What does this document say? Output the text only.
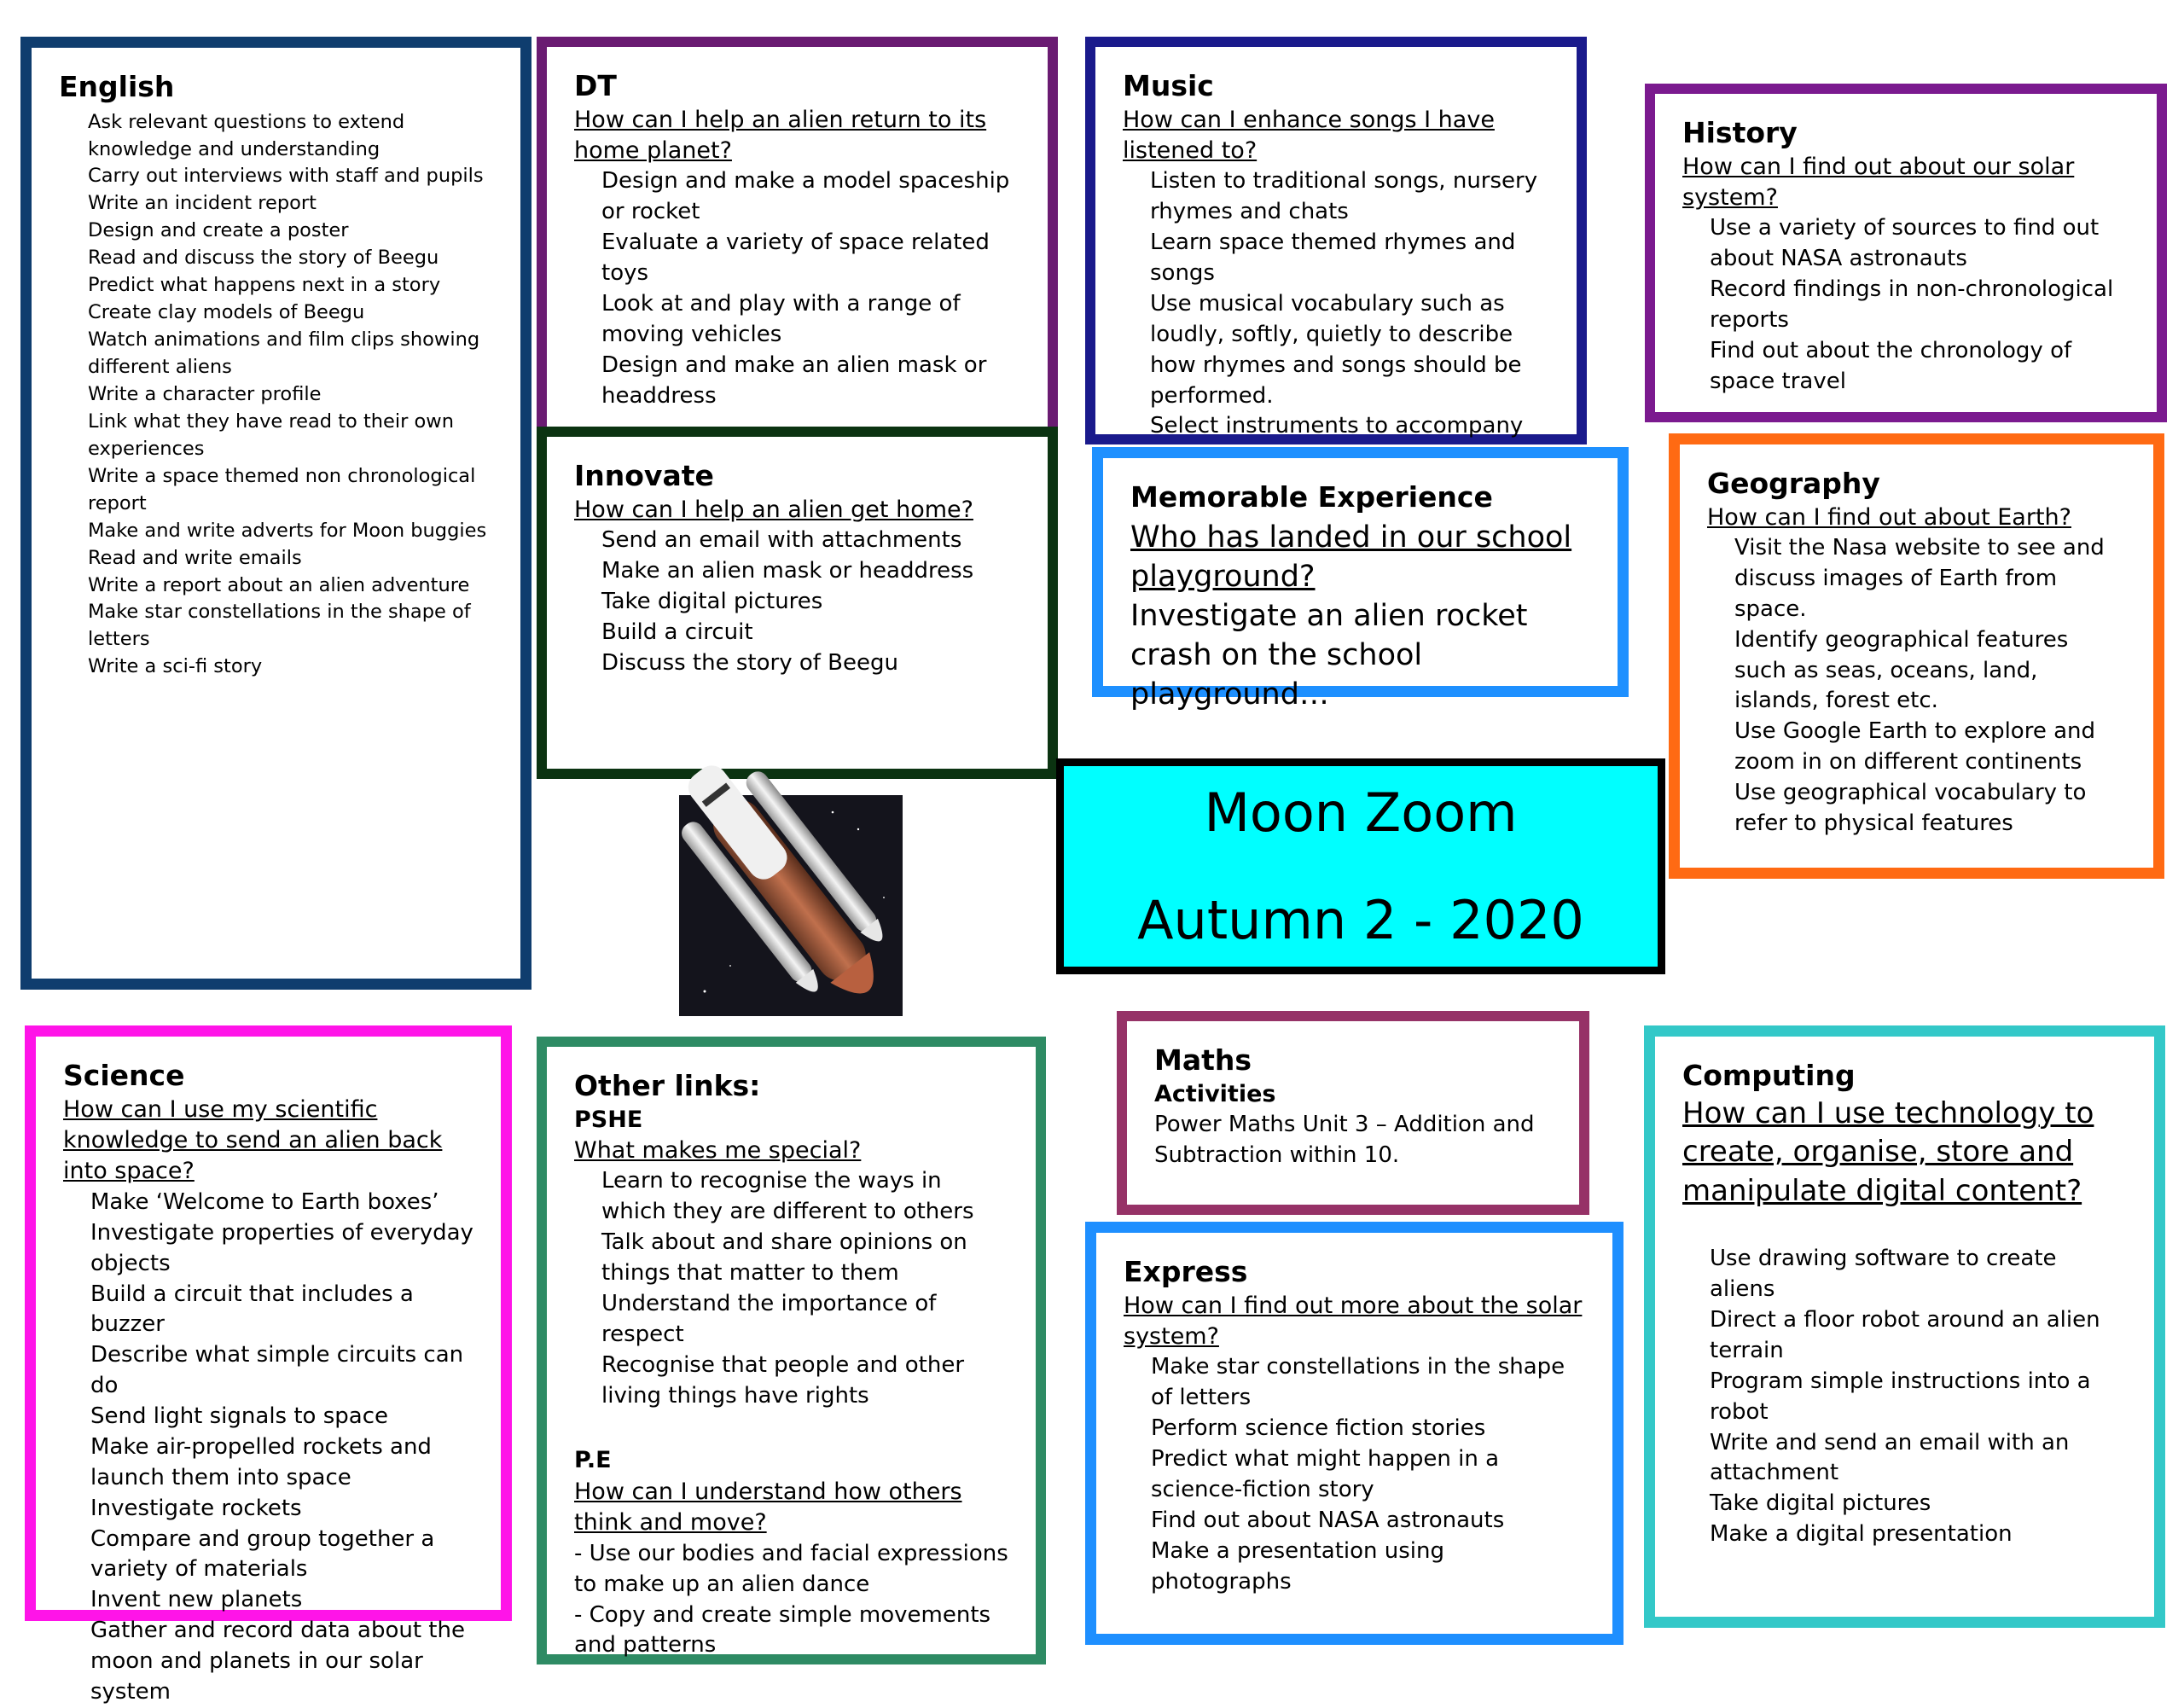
English
Ask relevant questions to extend knowledge and understanding
Carry out interviews with staff and pupils
Write an incident report
Design and create a poster
Read and discuss the story of Beegu
Predict what happens next in a story
Create clay models of Beegu
Watch animations and film clips showing different aliens
Write a character profile
Link what they have read to their own experiences
Write a space themed non chronological report
Make and write adverts for Moon buggies
Read and write emails
Write a report about an alien adventure
Make star constellations in the shape of letters
Write a sci-fi story
DT
How can I help an alien return to its home planet?
Design and make a model spaceship or rocket
Evaluate a variety of space related toys
Look at and play with a range of moving vehicles
Design and make an alien mask or headdress
Music
How can I enhance songs I have listened to?
Listen to traditional songs, nursery rhymes and chats
Learn space themed rhymes and songs
Use musical vocabulary such as loudly, softly, quietly to describe how rhymes and songs should be performed.
Select instruments to accompany
History
How can I find out about our solar system?
Use a variety of sources to find out about NASA astronauts
Record findings in non-chronological reports
Find out about the chronology of space travel
Innovate
How can I help an alien get home?
Send an email with attachments
Make an alien mask or headdress
Take digital pictures
Build a circuit
Discuss the story of Beegu
Memorable Experience
Who has landed in our school playground?
Investigate an alien rocket crash on the school playground…
Geography
How can I find out about Earth?
Visit the Nasa website to see and discuss images of Earth from space.
Identify geographical features such as seas, oceans, land, islands, forest etc.
Use Google Earth to explore and zoom in on different continents
Use geographical vocabulary to refer to physical features
Moon Zoom
Autumn 2 - 2020
Science
How can I use my scientific knowledge to send an alien back into space?
Make ‘Welcome to Earth boxes’
Investigate properties of everyday objects
Build a circuit that includes a buzzer
Describe what simple circuits can do
Send light signals to space
Make air-propelled rockets and launch them into space
Investigate rockets
Compare and group together a variety of materials
Invent new planets
Gather and record data about the moon and planets in our solar system
Other links:
PSHE
What makes me special?
Learn to recognise the ways in which they are different to others
Talk about and share opinions on things that matter to them
Understand the importance of respect
Recognise that people and other living things have rights
P.E
How can I understand how others think and move?
- Use our bodies and facial expressions to make up an alien dance
- Copy and create simple movements and patterns
Maths
Activities
Power Maths Unit 3 – Addition and Subtraction within 10.
Express
How can I find out more about the solar system?
Make star constellations in the shape of letters
Perform science fiction stories
Predict what might happen in a science-fiction story
Find out about NASA astronauts
Make a presentation using photographs
Computing
How can I use technology to create, organise, store and manipulate digital content?
Use drawing software to create aliens
Direct a floor robot around an alien terrain
Program simple instructions into a robot
Write and send an email with an attachment
Take digital pictures
Make a digital presentation
